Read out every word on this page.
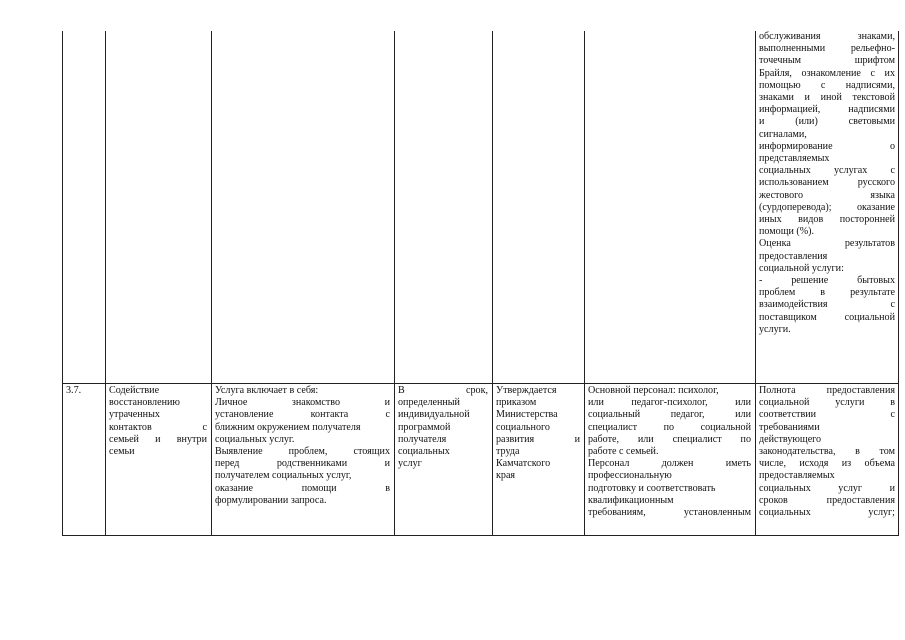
обслуживания знаками,
выполненными рельефно-
точечным шрифтом
Брайля, ознакомление с их
помощью с надписями,
знаками и иной текстовой
информацией, надписями
и (или) световыми
сигналами,
информирование о
представляемых
социальных услугах с
использованием русского
жестового языка
(сурдоперевода); оказание
иных видов посторонней
помощи (%).
Оценка результатов
предоставления
социальной услуги:
- решение бытовых
проблем в результате
взаимодействия с
поставщиком социальной
услуги.
3.7.	Содействие
восстановлению
утраченных
контактов с
семьей и внутри
семьи
Услуга включает в себя:
Личное знакомство и
установление контакта с
ближним окружением получателя
социальных услуг.
Выявление проблем, стоящих
перед родственниками и
получателем социальных услуг,
оказание помощи в
формулировании запроса.
В срок,
определенный
индивидуальной
программой
получателя
социальных
услуг
Утверждается
приказом
Министерства
социального
развития и
труда
Камчатского
края
Основной персонал: психолог,
или педагог-психолог, или
социальный педагог, или
специалист по социальной
работе, или специалист по
работе с семьей.
Персонал должен иметь
профессиональную
подготовку и соответствовать
квалификационным
требованиям, установленным
Полнота предоставления
социальной услуги в
соответствии с
требованиями
действующего
законодательства, в том
числе, исходя из объема
предоставляемых
социальных услуг и
сроков предоставления
социальных услуг;
